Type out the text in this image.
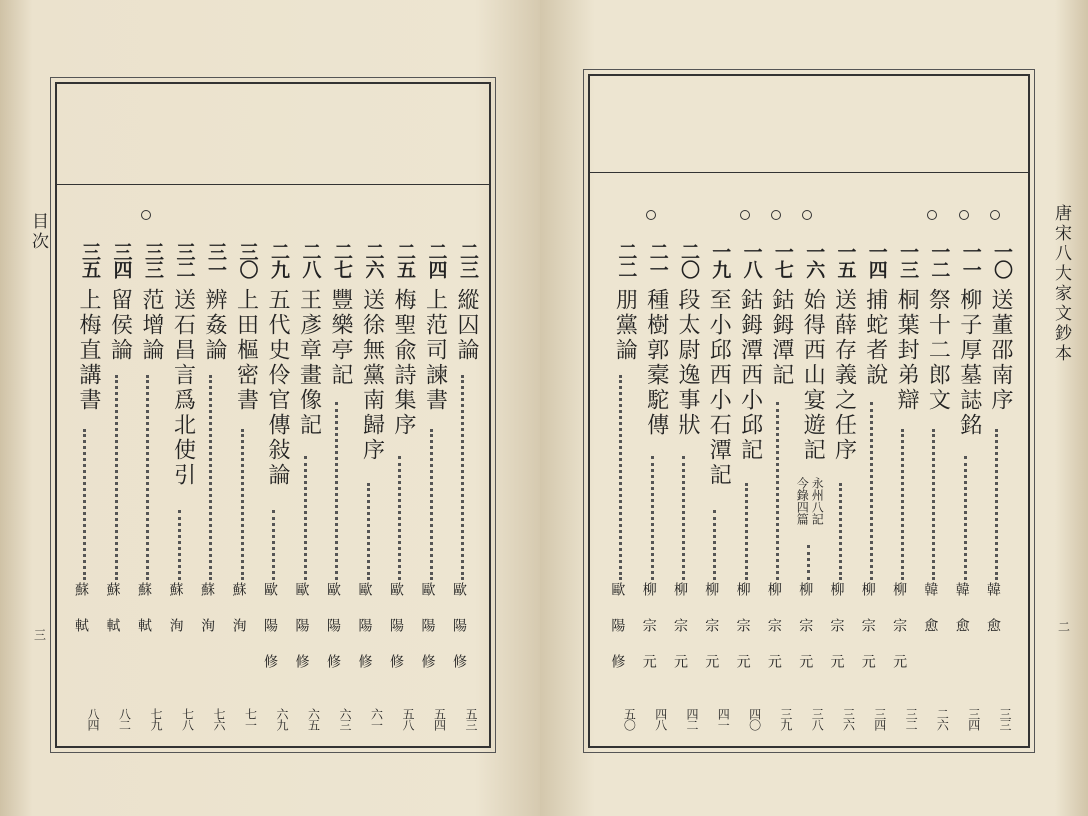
目次
三
二三
縱囚論
歐陽修
五三
二四
上范司諫書
歐陽修
五四
二五
梅聖兪詩集序
歐陽修
五八
二六
送徐無黨南歸序
歐陽修
六一
二七
豐樂亭記
歐陽修
六三
二八
王彥章畫像記
歐陽修
六五
二九
五代史伶官傳敍論
歐陽修
六九
三〇
上田樞密書
蘇洵
七一
三一
辨姦論
蘇洵
七六
三二
送石昌言爲北使引
蘇洵
七八
三三
范增論
蘇軾
七九
三四
留侯論
蘇軾
八二
三五
上梅直講書
蘇軾
八四
唐宋八大家文鈔本
二
一〇
送董邵南序
韓愈
三三
一一
柳子厚墓誌銘
韓愈
三四
一二
祭十二郎文
韓愈
二六
一三
桐葉封弟辯
柳宗元
三二
一四
捕蛇者說
柳宗元
三四
一五
送薛存義之任序
柳宗元
三六
一六
始得西山宴遊記
永州八記
今錄四篇
柳宗元
三八
一七
鈷鉧潭記
柳宗元
三九
一八
鈷鉧潭西小邱記
柳宗元
四〇
一九
至小邱西小石潭記
柳宗元
四一
二〇
段太尉逸事狀
柳宗元
四二
二一
種樹郭槖駝傳
柳宗元
四八
二二
朋黨論
歐陽修
五〇
